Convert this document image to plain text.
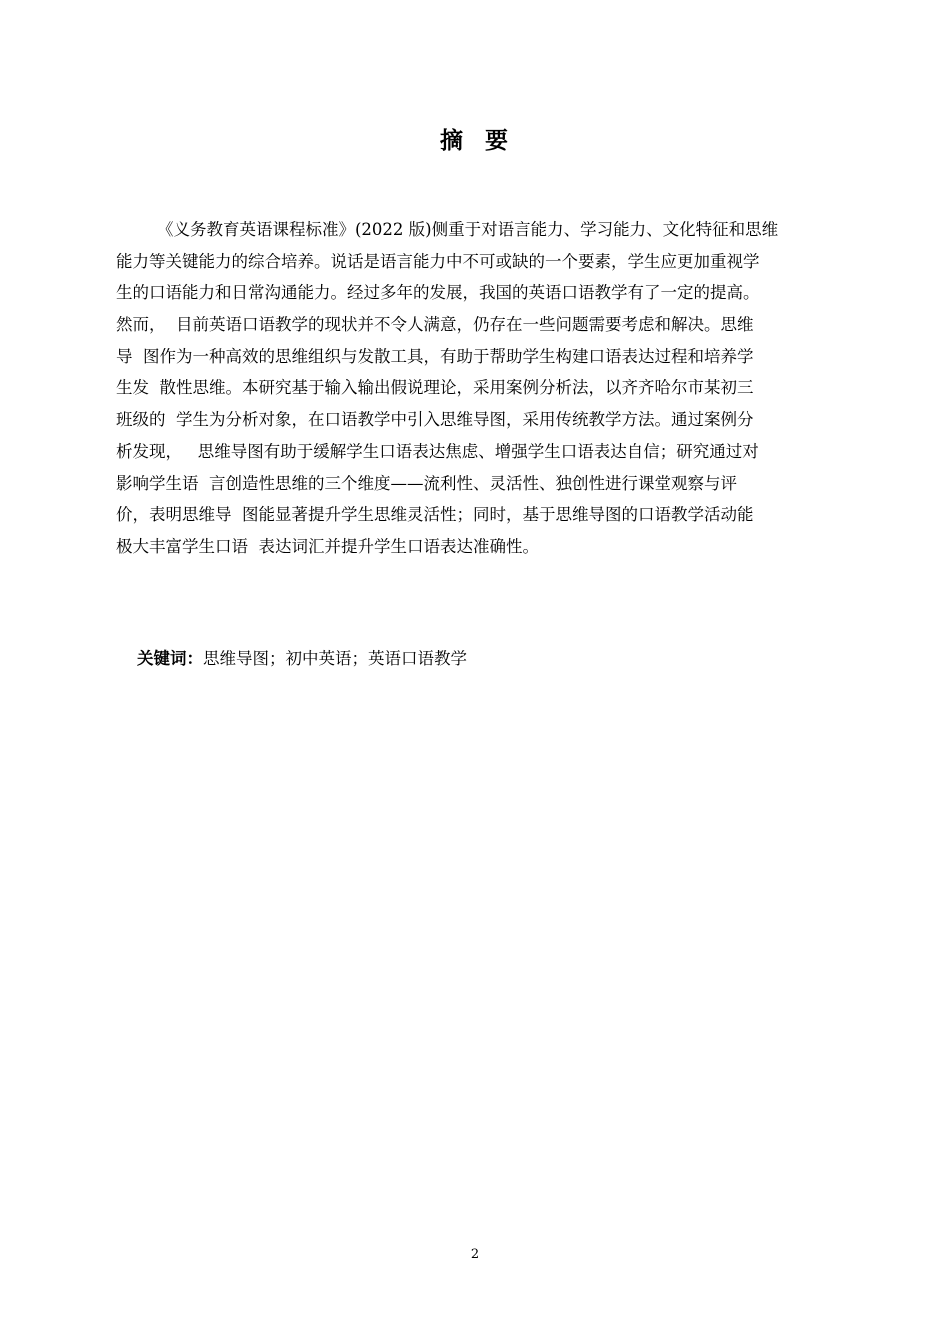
摘  要
《义务教育英语课程标准》(2022 版)侧重于对语言能力、学习能力、文化特征和思维
能力等关键能力的综合培养。说话是语言能力中不可或缺的一个要素，学生应更加重视学
生的口语能力和日常沟通能力。经过多年的发展，我国的英语口语教学有了一定的提高。
然而，  目前英语口语教学的现状并不令人满意，仍存在一些问题需要考虑和解决。思维
导  图作为一种高效的思维组织与发散工具，有助于帮助学生构建口语表达过程和培养学
生发  散性思维。本研究基于输入输出假说理论，采用案例分析法，以齐齐哈尔市某初三
班级的  学生为分析对象，在口语教学中引入思维导图，采用传统教学方法。通过案例分
析发现，   思维导图有助于缓解学生口语表达焦虑、增强学生口语表达自信；研究通过对
影响学生语  言创造性思维的三个维度——流利性、灵活性、独创性进行课堂观察与评
价，表明思维导  图能显著提升学生思维灵活性；同时，基于思维导图的口语教学活动能
极大丰富学生口语  表达词汇并提升学生口语表达准确性。

关键词：思维导图；初中英语；英语口语教学

2
